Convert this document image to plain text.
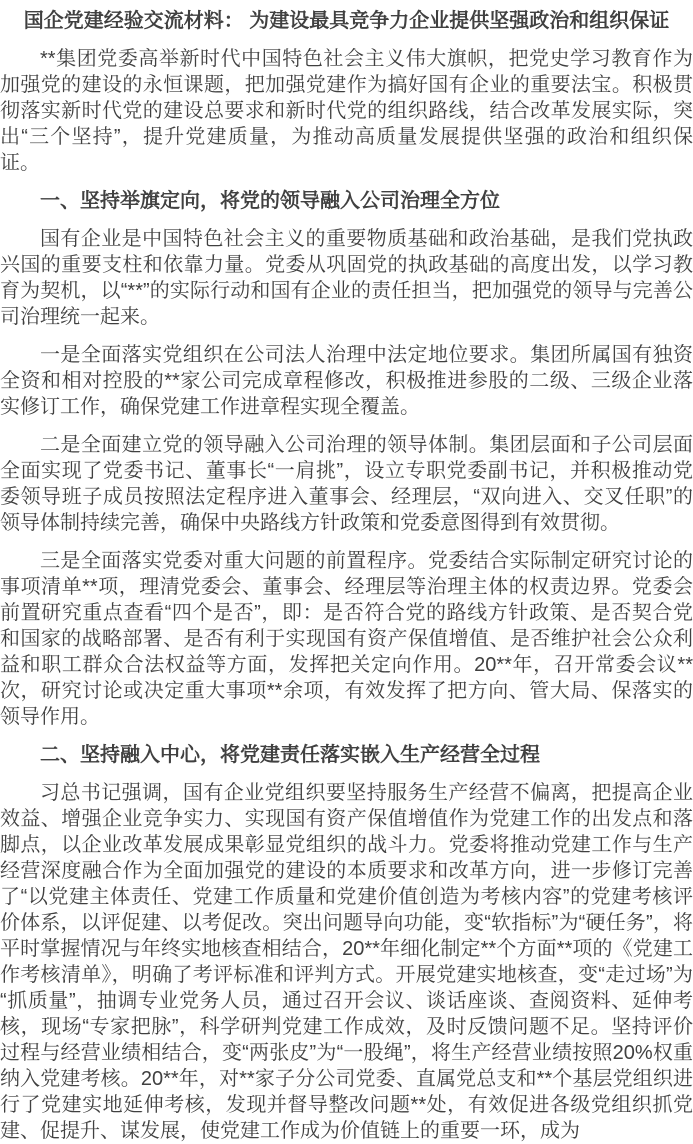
国企党建经验交流材料： 为建设最具竞争力企业提供坚强政治和组织保证

**集团党委高举新时代中国特色社会主义伟大旗帜，把党史学习教育作为加强党的建设的永恒课题，把加强党建作为搞好国有企业的重要法宝。积极贯彻落实新时代党的建设总要求和新时代党的组织路线，结合改革发展实际，突出“三个坚持”，提升党建质量，为推动高质量发展提供坚强的政治和组织保证。

一、坚持举旗定向，将党的领导融入公司治理全方位

国有企业是中国特色社会主义的重要物质基础和政治基础，是我们党执政兴国的重要支柱和依靠力量。党委从巩固党的执政基础的高度出发，以学习教育为契机，以“**”的实际行动和国有企业的责任担当，把加强党的领导与完善公司治理统一起来。

一是全面落实党组织在公司法人治理中法定地位要求。集团所属国有独资全资和相对控股的**家公司完成章程修改，积极推进参股的二级、三级企业落实修订工作，确保党建工作进章程实现全覆盖。

二是全面建立党的领导融入公司治理的领导体制。集团层面和子公司层面全面实现了党委书记、董事长“一肩挑”，设立专职党委副书记，并积极推动党委领导班子成员按照法定程序进入董事会、经理层，“双向进入、交叉任职”的领导体制持续完善，确保中央路线方针政策和党委意图得到有效贯彻。

三是全面落实党委对重大问题的前置程序。党委结合实际制定研究讨论的事项清单**项，理清党委会、董事会、经理层等治理主体的权责边界。党委会前置研究重点查看“四个是否”，即：是否符合党的路线方针政策、是否契合党和国家的战略部署、是否有利于实现国有资产保值增值、是否维护社会公众利益和职工群众合法权益等方面，发挥把关定向作用。20**年，召开常委会议**次，研究讨论或决定重大事项**余项，有效发挥了把方向、管大局、保落实的领导作用。

二、坚持融入中心，将党建责任落实嵌入生产经营全过程

习总书记强调，国有企业党组织要坚持服务生产经营不偏离，把提高企业效益、增强企业竞争实力、实现国有资产保值增值作为党建工作的出发点和落脚点，以企业改革发展成果彰显党组织的战斗力。党委将推动党建工作与生产经营深度融合作为全面加强党的建设的本质要求和改革方向，进一步修订完善了“以党建主体责任、党建工作质量和党建价值创造为考核内容”的党建考核评价体系，以评促建、以考促改。突出问题导向功能，变“软指标”为“硬任务”，将平时掌握情况与年终实地核查相结合，20**年细化制定**个方面**项的《党建工作考核清单》，明确了考评标准和评判方式。开展党建实地核查，变“走过场”为“抓质量”，抽调专业党务人员，通过召开会议、谈话座谈、查阅资料、延伸考核，现场“专家把脉”，科学研判党建工作成效，及时反馈问题不足。坚持评价过程与经营业绩相结合，变“两张皮”为“一股绳”，将生产经营业绩按照20%权重纳入党建考核。20**年，对**家子分公司党委、直属党总支和**个基层党组织进行了党建实地延伸考核，发现并督导整改问题**处，有效促进各级党组织抓党建、促提升、谋发展，使党建工作成为价值链上的重要一环，成为
